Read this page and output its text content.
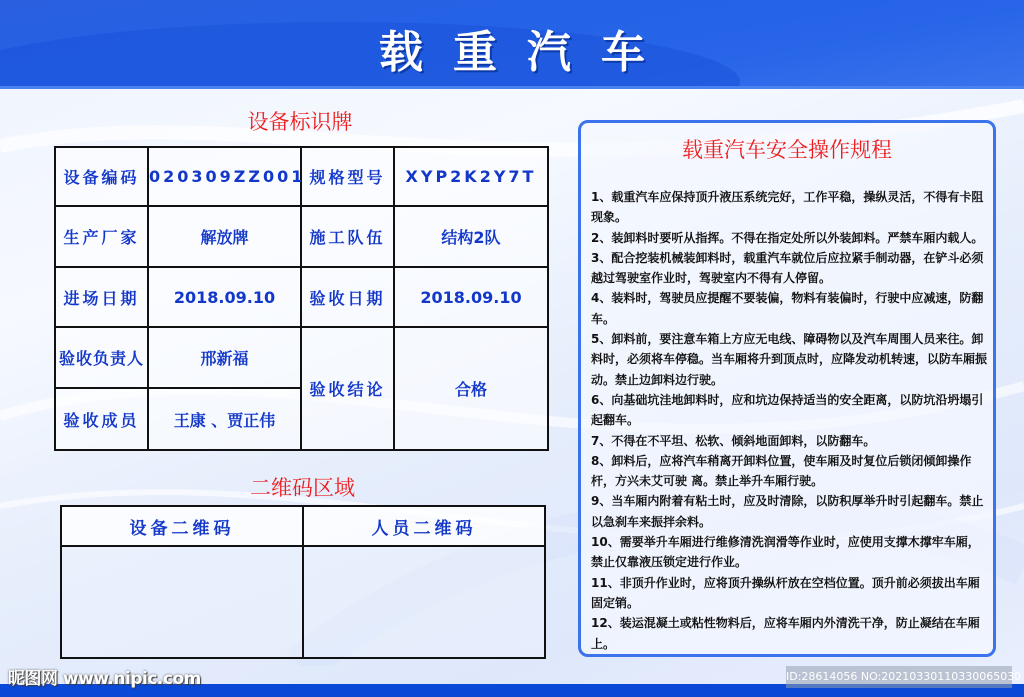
载重汽车
设备标识牌
设备编码	020309ZZ001	规格型号	XYP2K2Y7T
生产厂家	解放牌	施工队伍	结构2队
进场日期	2018.09.10	验收日期	2018.09.10
验收负责人	邢新福	验收结论	合格
验收成员	王康 、贾正伟		
二维码区域
设备二维码	人员二维码

载重汽车安全操作规程

1、载重汽车应保持顶升液压系统完好，工作平稳，操纵灵活，不得有卡阻现象。

2、装卸料时要听从指挥。不得在指定处所以外装卸料。严禁车厢内载人。

3、配合挖装机械装卸料时，载重汽车就位后应拉紧手制动器，在铲斗必须越过驾驶室作业时，驾驶室内不得有人停留。

4、装料时，驾驶员应提醒不要装偏，物料有装偏时，行驶中应减速，防翻车。

5、卸料前，要注意车箱上方应无电线、障碍物以及汽车周围人员来往。卸料时，必须将车停稳。当车厢将升到顶点时，应降发动机转速，以防车厢振动。禁止边卸料边行驶。

6、向基础坑洼地卸料时，应和坑边保持适当的安全距离，以防坑沿坍塌引起翻车。

7、不得在不平坦、松软、倾斜地面卸料，以防翻车。

8、卸料后，应将汽车稍离开卸料位置，使车厢及时复位后锁闭倾卸操作杆，方兴未艾可驶 离。禁止举升车厢行驶。

9、当车厢内附着有粘土时，应及时清除，以防积厚举升时引起翻车。禁止以急刹车来振拌余料。

10、需要举升车厢进行维修清洗润滑等作业时，应使用支撑木撑牢车厢，禁止仅靠液压锁定进行作业。

11、非顶升作业时，应将顶升操纵杆放在空档位置。顶升前必须拔出车厢固定销。

12、装运混凝土或粘性物料后，应将车厢内外清洗干净，防止凝结在车厢上。

昵图网 www.nipic.com	ID:28614056 NO:20210330110330065030
